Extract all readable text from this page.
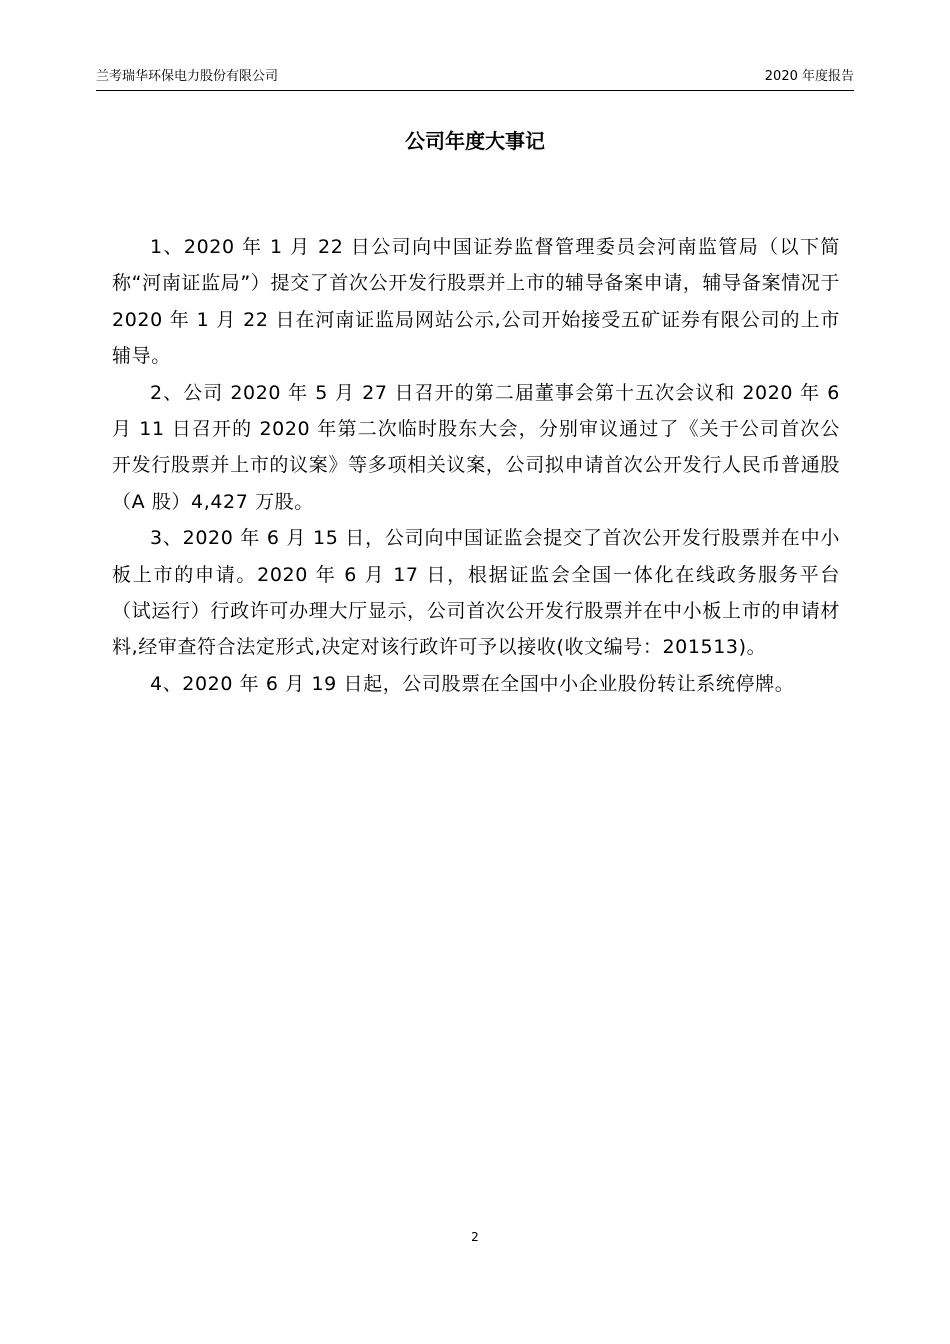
兰考瑞华环保电力股份有限公司	2020 年度报告
公司年度大事记

1、2020 年 1 月 22 日公司向中国证券监督管理委员会河南监管局（以下简称“河南证监局”）提交了首次公开发行股票并上市的辅导备案申请，辅导备案情况于 2020 年 1 月 22 日在河南证监局网站公示,公司开始接受五矿证券有限公司的上市辅导。

2、公司 2020 年 5 月 27 日召开的第二届董事会第十五次会议和 2020 年 6 月 11 日召开的 2020 年第二次临时股东大会，分别审议通过了《关于公司首次公开发行股票并上市的议案》等多项相关议案，公司拟申请首次公开发行人民币普通股（A 股）4,427 万股。

3、2020 年 6 月 15 日，公司向中国证监会提交了首次公开发行股票并在中小板上市的申请。2020 年 6 月 17 日，根据证监会全国一体化在线政务服务平台（试运行）行政许可办理大厅显示，公司首次公开发行股票并在中小板上市的申请材料,经审查符合法定形式,决定对该行政许可予以接收(收文编号：201513)。

4、2020 年 6 月 19 日起，公司股票在全国中小企业股份转让系统停牌。

2
